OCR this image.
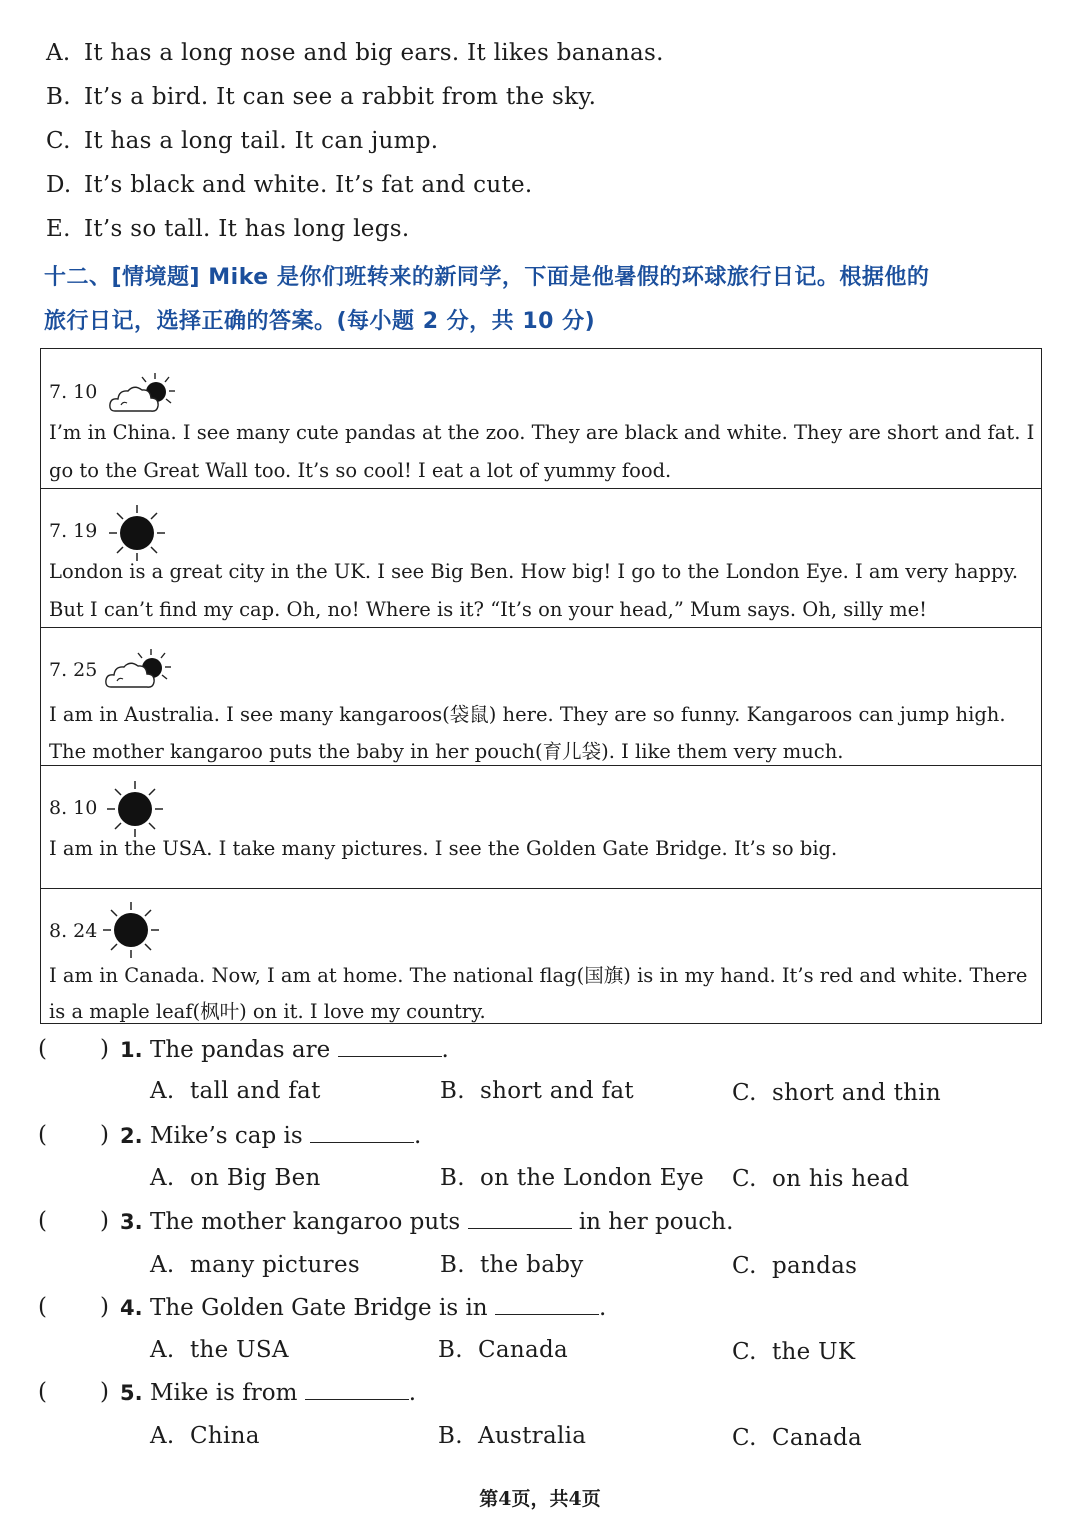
A. It has a long nose and big ears. It likes bananas.
B. It’s a bird. It can see a rabbit from the sky.
C. It has a long tail. It can jump.
D. It’s black and white. It’s fat and cute.
E. It’s so tall. It has long legs.
十二、[情境题] Mike 是你们班转来的新同学，下面是他暑假的环球旅行日记。根据他的
旅行日记，选择正确的答案。(每小题 2 分，共 10 分)
7. 10
I’m in China. I see many cute pandas at the zoo. They are black and white. They are short and fat. I
go to the Great Wall too. It’s so cool! I eat a lot of yummy food.
7. 19
London is a great city in the UK. I see Big Ben. How big! I go to the London Eye. I am very happy.
But I can’t find my cap. Oh, no! Where is it? “It’s on your head,” Mum says. Oh, silly me!
7. 25
I am in Australia. I see many kangaroos(袋鼠) here. They are so funny. Kangaroos can jump high.
The mother kangaroo puts the baby in her pouch(育儿袋). I like them very much.
8. 10
I am in the USA. I take many pictures. I see the Golden Gate Bridge. It’s so big.
8. 24
I am in Canada. Now, I am at home. The national flag(国旗) is in my hand. It’s red and white. There
is a maple leaf(枫叶) on it. I love my country.
( ) 1. The pandas are	.
A. tall and fat	B. short and fat	C. short and thin
( ) 2. Mike’s cap is	.
A. on Big Ben	B. on the London Eye C. on his head
( ) 3. The mother kangaroo puts	in her pouch.
A. many pictures	B. the baby	C. pandas
( ) 4. The Golden Gate Bridge is in	.
A. the USA	B. Canada	C. the UK
( ) 5. Mike is from	.
A. China	B. Australia	C. Canada
第4页，共4页
